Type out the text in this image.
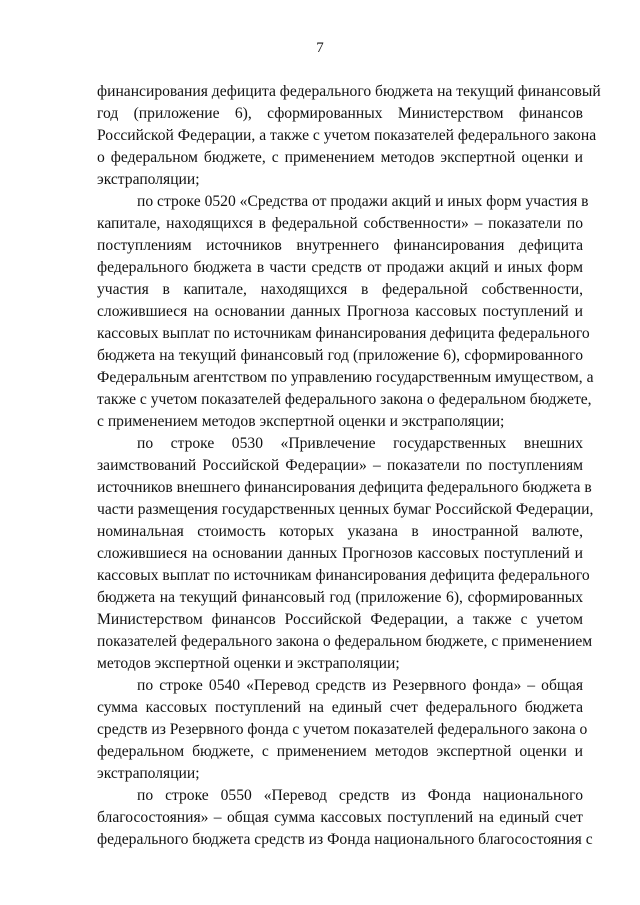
7
финансирования дефицита федерального бюджета на текущий финансовый
год (приложение 6), сформированных Министерством финансов
Российской Федерации, а также с учетом показателей федерального закона
о федеральном бюджете, с применением методов экспертной оценки и
экстраполяции;
по строке 0520 «Средства от продажи акций и иных форм участия в
капитале, находящихся в федеральной собственности» – показатели по
поступлениям источников внутреннего финансирования дефицита
федерального бюджета в части средств от продажи акций и иных форм
участия в капитале, находящихся в федеральной собственности,
сложившиеся на основании данных Прогноза кассовых поступлений и
кассовых выплат по источникам финансирования дефицита федерального
бюджета на текущий финансовый год (приложение 6), сформированного
Федеральным агентством по управлению государственным имуществом, а
также с учетом показателей федерального закона о федеральном бюджете,
с применением методов экспертной оценки и экстраполяции;
по строке 0530 «Привлечение государственных внешних
заимствований Российской Федерации» – показатели по поступлениям
источников внешнего финансирования дефицита федерального бюджета в
части размещения государственных ценных бумаг Российской Федерации,
номинальная стоимость которых указана в иностранной валюте,
сложившиеся на основании данных Прогнозов кассовых поступлений и
кассовых выплат по источникам финансирования дефицита федерального
бюджета на текущий финансовый год (приложение 6), сформированных
Министерством финансов Российской Федерации, а также с учетом
показателей федерального закона о федеральном бюджете, с применением
методов экспертной оценки и экстраполяции;
по строке 0540 «Перевод средств из Резервного фонда» – общая
сумма кассовых поступлений на единый счет федерального бюджета
средств из Резервного фонда с учетом показателей федерального закона о
федеральном бюджете, с применением методов экспертной оценки и
экстраполяции;
по строке 0550 «Перевод средств из Фонда национального
благосостояния» – общая сумма кассовых поступлений на единый счет
федерального бюджета средств из Фонда национального благосостояния с
